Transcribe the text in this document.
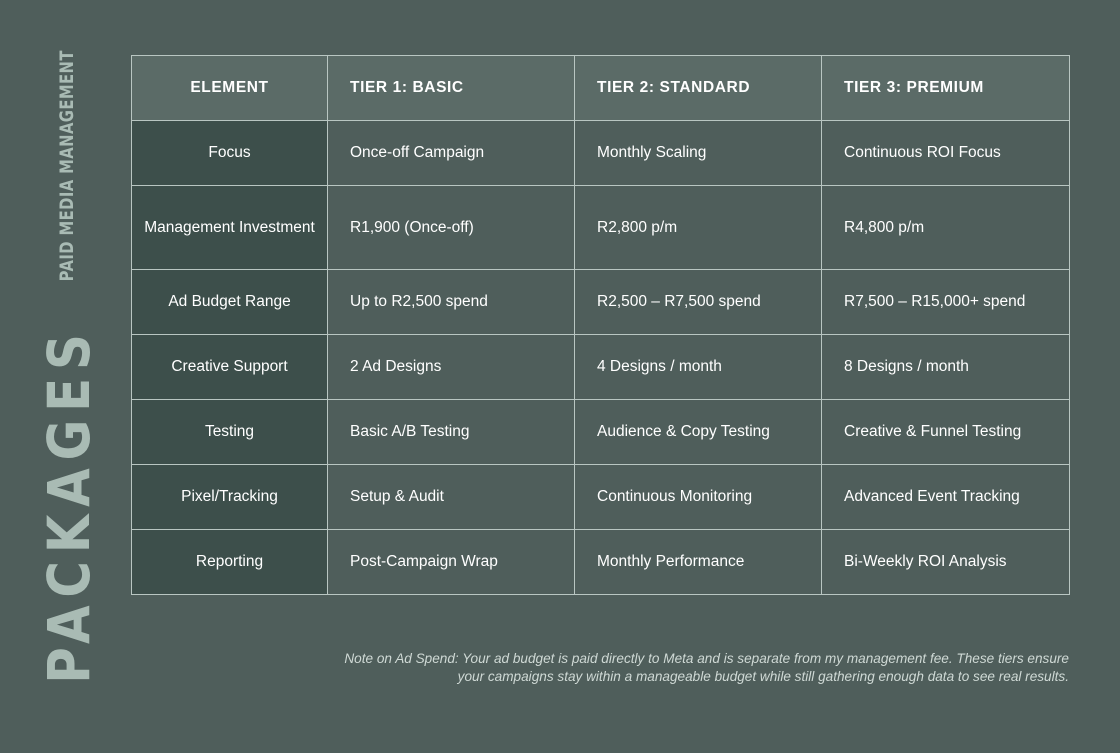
PAID MEDIA MANAGEMENT
PACKAGES
ELEMENT	TIER 1: BASIC	TIER 2: STANDARD	TIER 3: PREMIUM
Focus	Once-off Campaign	Monthly Scaling	Continuous ROI Focus
Management Investment	R1,900 (Once-off)	R2,800 p/m	R4,800 p/m
Ad Budget Range	Up to R2,500 spend	R2,500 – R7,500 spend	R7,500 – R15,000+ spend
Creative Support	2 Ad Designs	4 Designs / month	8 Designs / month
Testing	Basic A/B Testing	Audience & Copy Testing	Creative & Funnel Testing
Pixel/Tracking	Setup & Audit	Continuous Monitoring	Advanced Event Tracking
Reporting	Post-Campaign Wrap	Monthly Performance	Bi-Weekly ROI Analysis
Note on Ad Spend: Your ad budget is paid directly to Meta and is separate from my management fee. These tiers ensure
your campaigns stay within a manageable budget while still gathering enough data to see real results.
